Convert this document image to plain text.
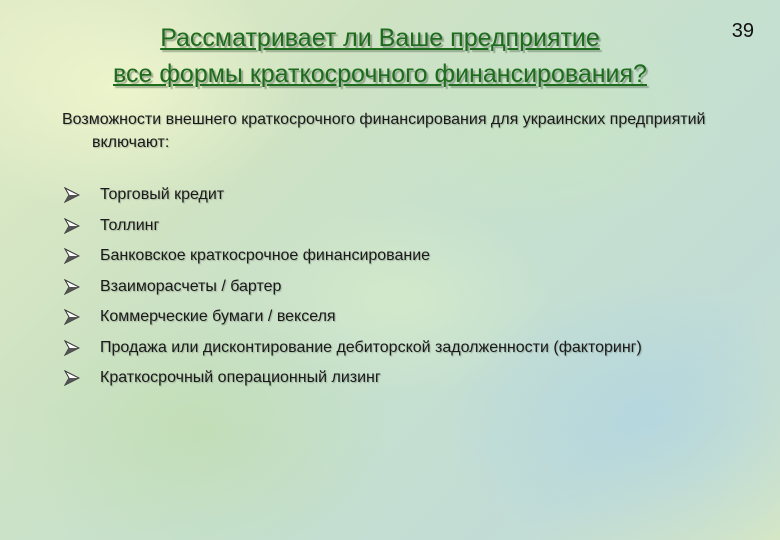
Рассматривает ли Ваше предприятие
все формы краткосрочного финансирования?
39
Возможности внешнего краткосрочного финансирования для украинских предприятий включают:
Торговый кредит
Толлинг
Банковское краткосрочное финансирование
Взаиморасчеты / бартер
Коммерческие бумаги / векселя
Продажа или дисконтирование дебиторской задолженности (факторинг)
Краткосрочный операционный лизинг
